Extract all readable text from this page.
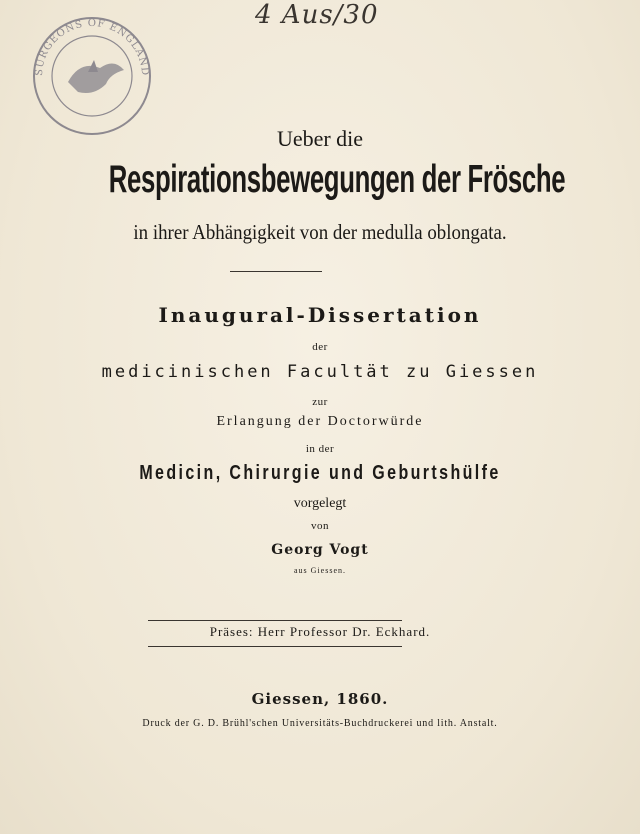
4 Aus/30
SURGEONS OF ENGLAND
Ueber die
Respirationsbewegungen der Frösche
in ihrer Abhängigkeit von der medulla oblongata.
Inaugural-Dissertation
der
medicinischen Facultät zu Giessen
zur
Erlangung der Doctorwürde
in der
Medicin, Chirurgie und Geburtshülfe
vorgelegt
von
Georg Vogt
aus Giessen.
Präses: Herr Professor Dr. Eckhard.
Giessen, 1860.
Druck der G. D. Brühl'schen Universitäts-Buchdruckerei und lith. Anstalt.
